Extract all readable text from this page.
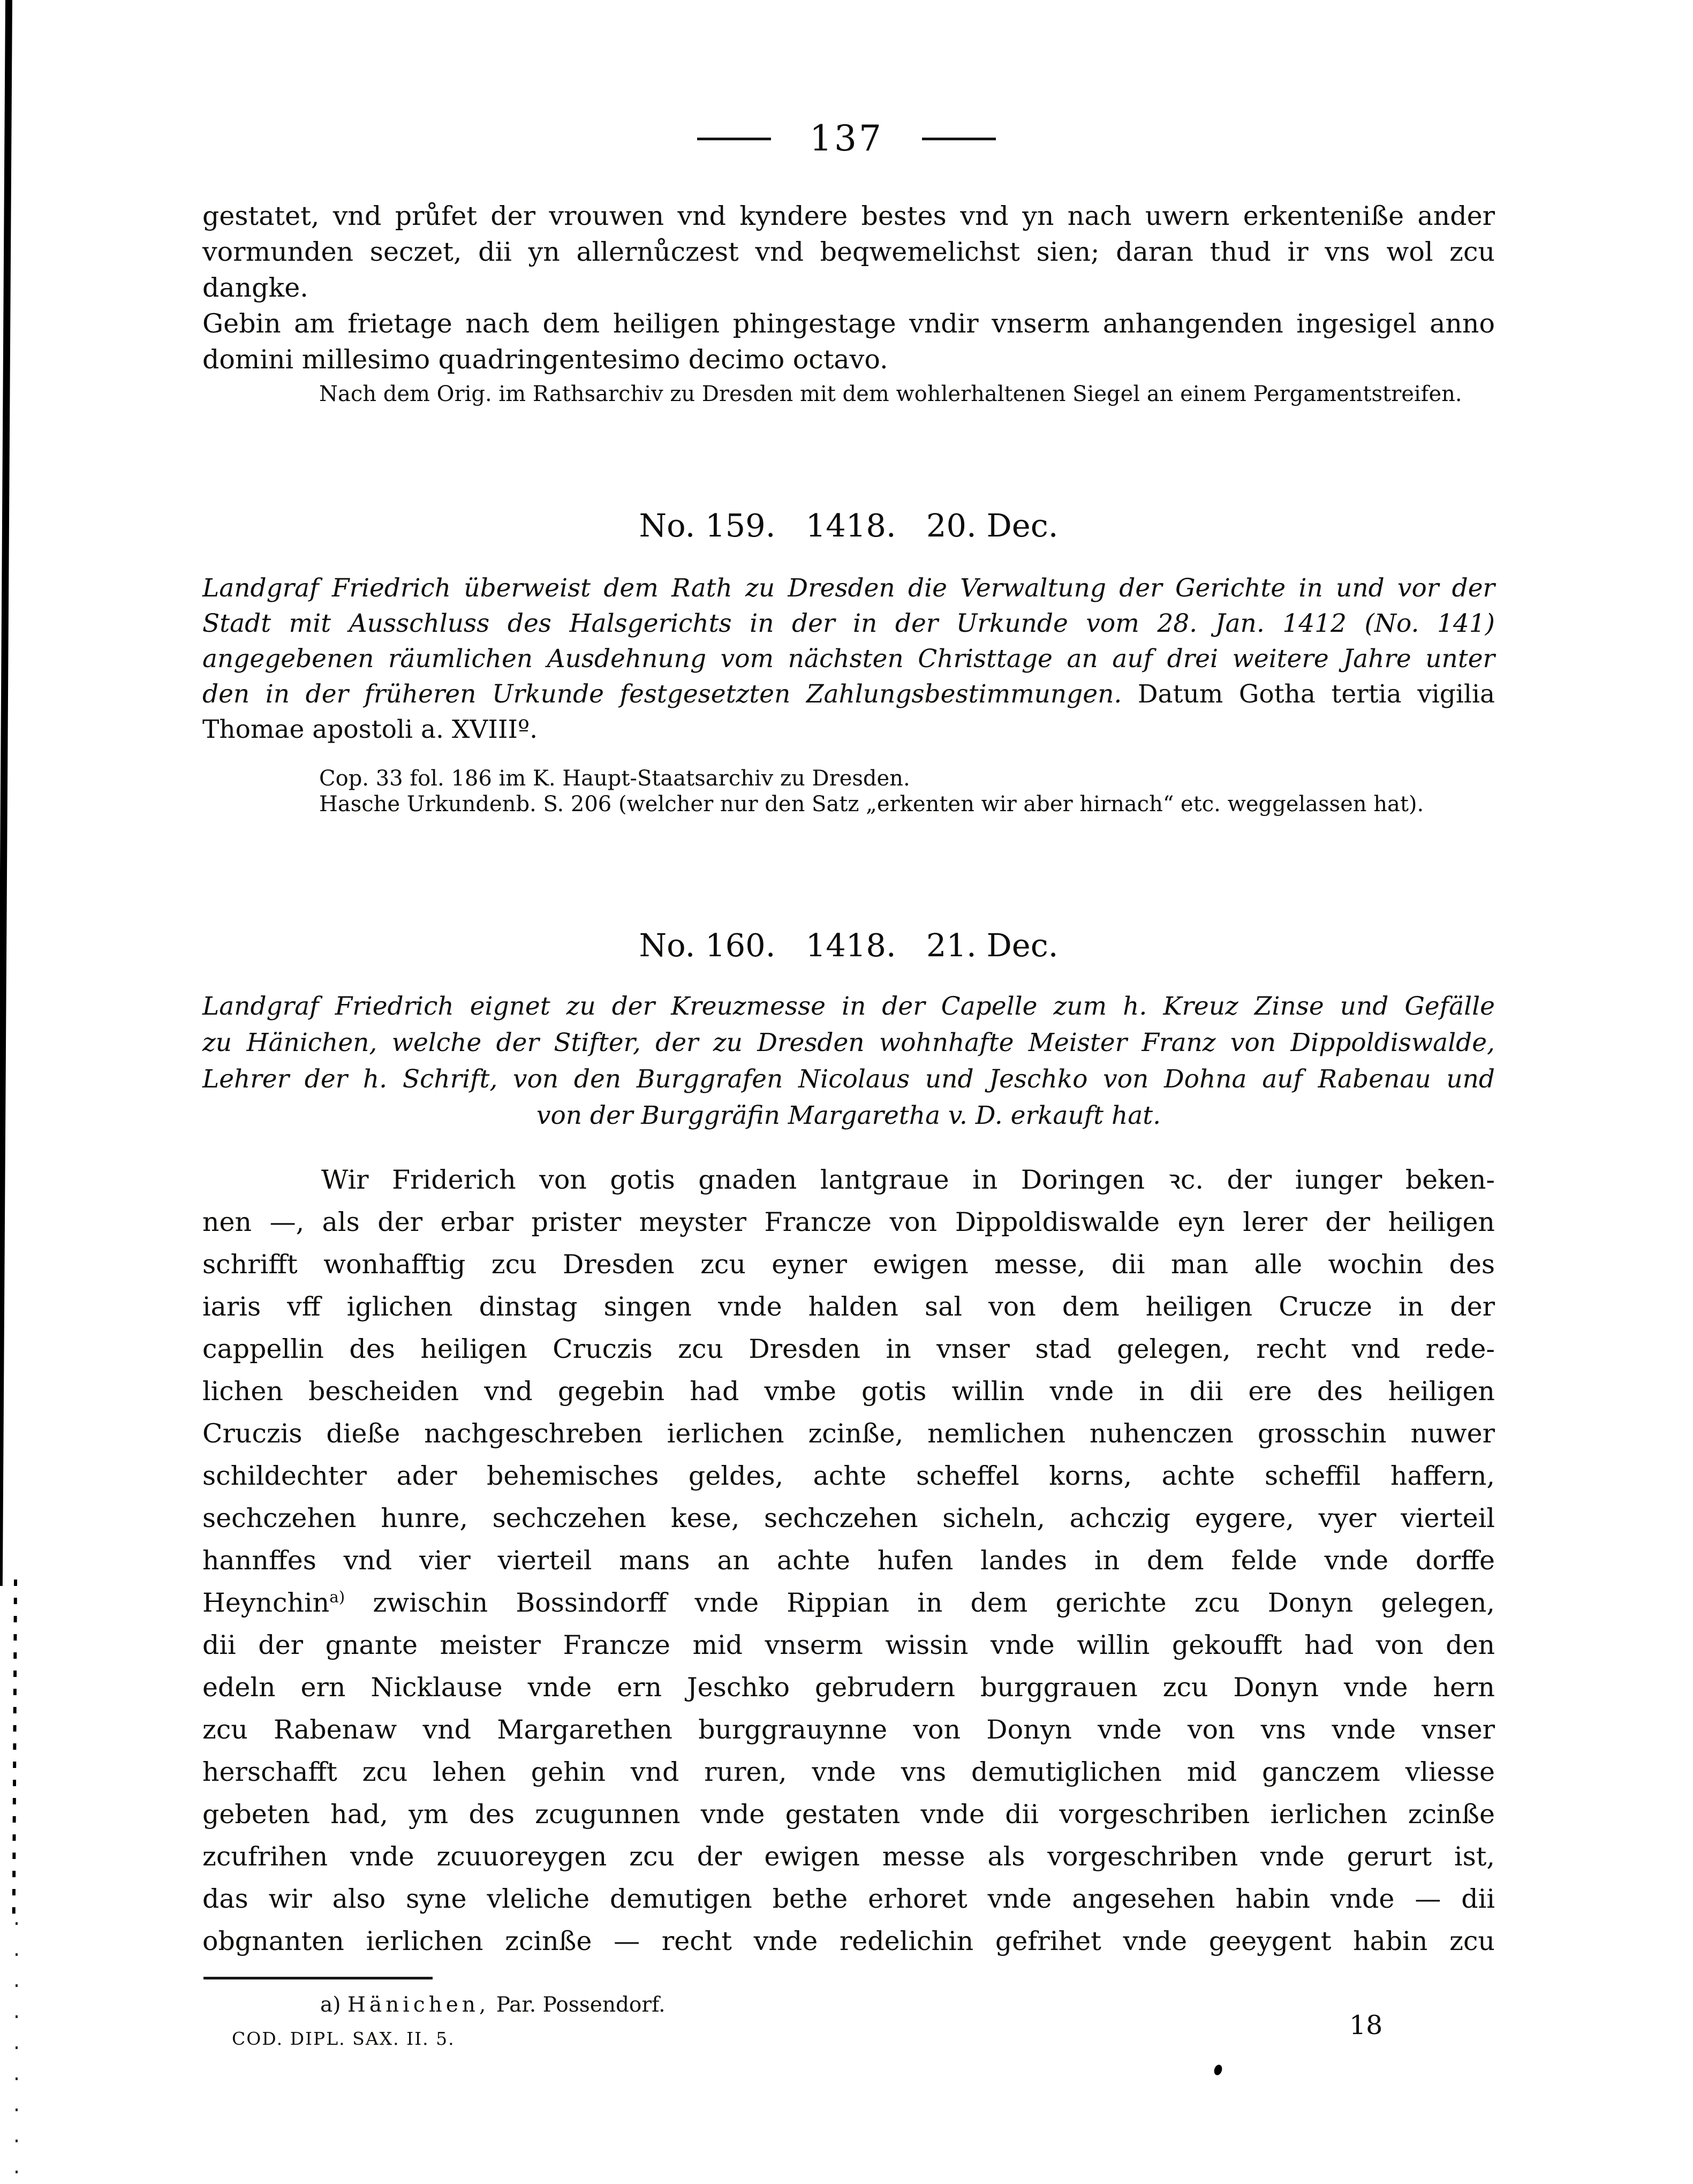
137
gestatet, vnd průfet der vrouwen vnd kyndere bestes vnd yn nach uwern erkenteniße ander
vormunden seczet, dii yn allernůczest vnd beqwemelichst sien; daran thud ir vns wol zcu dangke.
Gebin am frietage nach dem heiligen phingestage vndir vnserm anhangenden ingesigel anno
domini millesimo quadringentesimo decimo octavo.
Nach dem Orig. im Rathsarchiv zu Dresden mit dem wohlerhaltenen Siegel an einem Pergamentstreifen.
No. 159.   1418.   20. Dec.
Landgraf Friedrich überweist dem Rath zu Dresden die Verwaltung der Gerichte in und vor der
Stadt mit Ausschluss des Halsgerichts in der in der Urkunde vom 28. Jan. 1412 (No. 141)
angegebenen räumlichen Ausdehnung vom nächsten Christtage an auf drei weitere Jahre unter
den in der früheren Urkunde festgesetzten Zahlungsbestimmungen. Datum Gotha tertia vigilia
Thomae apostoli a. XVIIIº.
Cop. 33 fol. 186 im K. Haupt-Staatsarchiv zu Dresden.
Hasche Urkundenb. S. 206 (welcher nur den Satz „erkenten wir aber hirnach“ etc. weggelassen hat).
No. 160.   1418.   21. Dec.
Landgraf Friedrich eignet zu der Kreuzmesse in der Capelle zum h. Kreuz Zinse und Gefälle
zu Hänichen, welche der Stifter, der zu Dresden wohnhafte Meister Franz von Dippoldiswalde,
Lehrer der h. Schrift, von den Burggrafen Nicolaus und Jeschko von Dohna auf Rabenau und
von der Burggräfin Margaretha v. D. erkauft hat.
Wir Friderich von gotis gnaden lantgraue in Doringen ꝛc. der iunger beken-
nen —, als der erbar prister meyster Francze von Dippoldiswalde eyn lerer der heiligen
schrifft wonhafftig zcu Dresden zcu eyner ewigen messe, dii man alle wochin des
iaris vff iglichen dinstag singen vnde halden sal von dem heiligen Crucze in der
cappellin des heiligen Cruczis zcu Dresden in vnser stad gelegen, recht vnd rede-
lichen bescheiden vnd gegebin had vmbe gotis willin vnde in dii ere des heiligen
Cruczis dieße nachgeschreben ierlichen zcinße, nemlichen nuhenczen grosschin nuwer
schildechter ader behemisches geldes, achte scheffel korns, achte scheffil haffern,
sechczehen hunre, sechczehen kese, sechczehen sicheln, achczig eygere, vyer vierteil
hannffes vnd vier vierteil mans an achte hufen landes in dem felde vnde dorffe
Heynchin$^{a)}$ zwischin Bossindorff vnde Rippian in dem gerichte zcu Donyn gelegen,
dii der gnante meister Francze mid vnserm wissin vnde willin gekoufft had von den
edeln ern Nicklause vnde ern Jeschko gebrudern burggrauen zcu Donyn vnde hern
zcu Rabenaw vnd Margarethen burggrauynne von Donyn vnde von vns vnde vnser
herschafft zcu lehen gehin vnd ruren, vnde vns demutiglichen mid ganczem vliesse
gebeten had, ym des zcugunnen vnde gestaten vnde dii vorgeschriben ierlichen zcinße
zcufrihen vnde zcuuoreygen zcu der ewigen messe als vorgeschriben vnde gerurt ist,
das wir also syne vleliche demutigen bethe erhoret vnde angesehen habin vnde — dii
obgnanten ierlichen zcinße — recht vnde redelichin gefrihet vnde geeygent habin zcu
a) Hänichen, Par. Possendorf.
COD. DIPL. SAX. II. 5.	18
